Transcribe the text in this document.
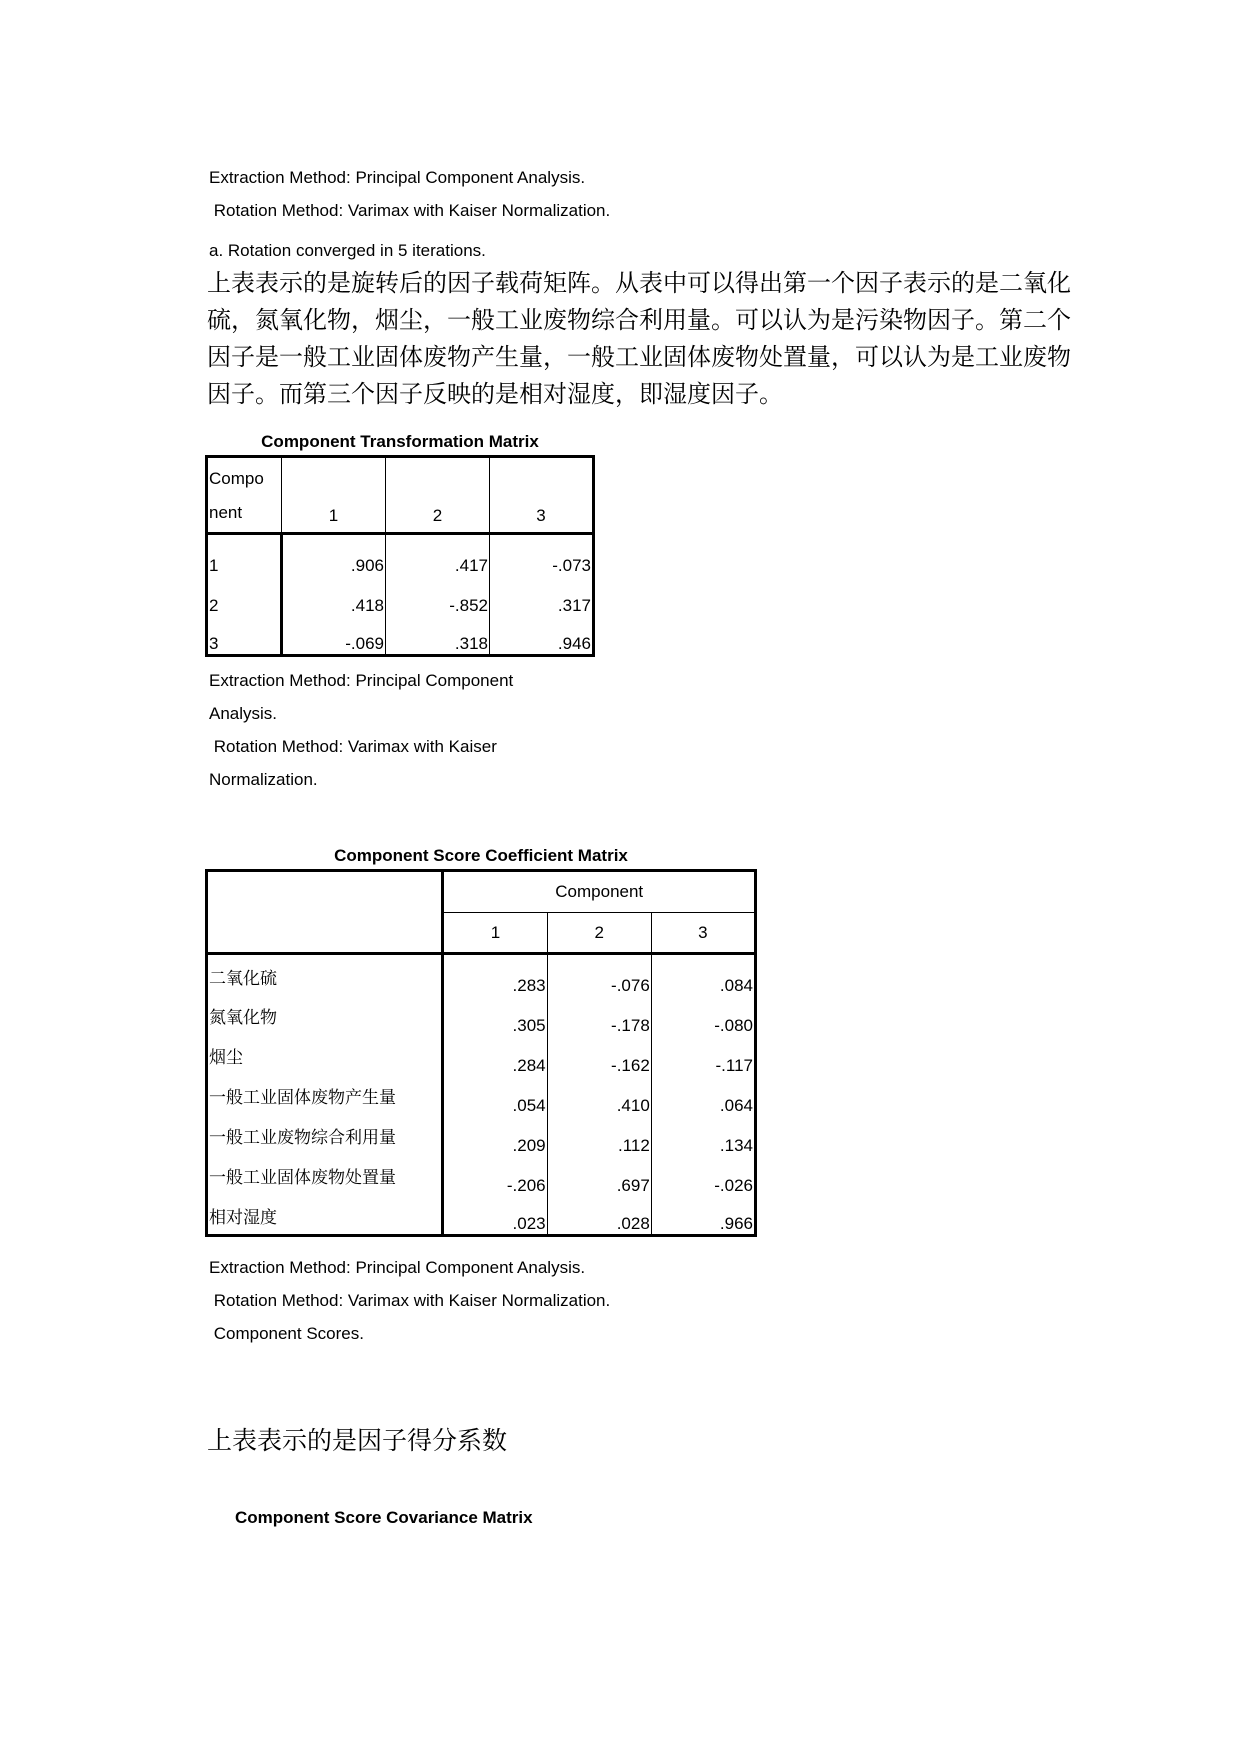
Extraction Method: Principal Component Analysis.
Rotation Method: Varimax with Kaiser Normalization.
a. Rotation converged in 5 iterations.
上表表示的是旋转后的因子载荷矩阵。从表中可以得出第一个因子表示的是二氧化
硫，氮氧化物，烟尘，一般工业废物综合利用量。可以认为是污染物因子。第二个
因子是一般工业固体废物产生量，一般工业固体废物处置量，可以认为是工业废物
因子。而第三个因子反映的是相对湿度，即湿度因子。
Component Transformation Matrix
Compo
nent	1	2	3
1	.906	.417	-.073
2	.418	-.852	.317
3	-.069	.318	.946
Extraction Method: Principal Component
Analysis.
Rotation Method: Varimax with Kaiser
Normalization.
Component Score Coefficient Matrix
	Component		
	1	2	3
二氧化硫	.283	-.076	.084
氮氧化物	.305	-.178	-.080
烟尘	.284	-.162	-.117
一般工业固体废物产生量	.054	.410	.064
一般工业废物综合利用量	.209	.112	.134
一般工业固体废物处置量	-.206	.697	-.026
相对湿度	.023	.028	.966
Extraction Method: Principal Component Analysis.
Rotation Method: Varimax with Kaiser Normalization.
Component Scores.
上表表示的是因子得分系数
Component Score Covariance Matrix
